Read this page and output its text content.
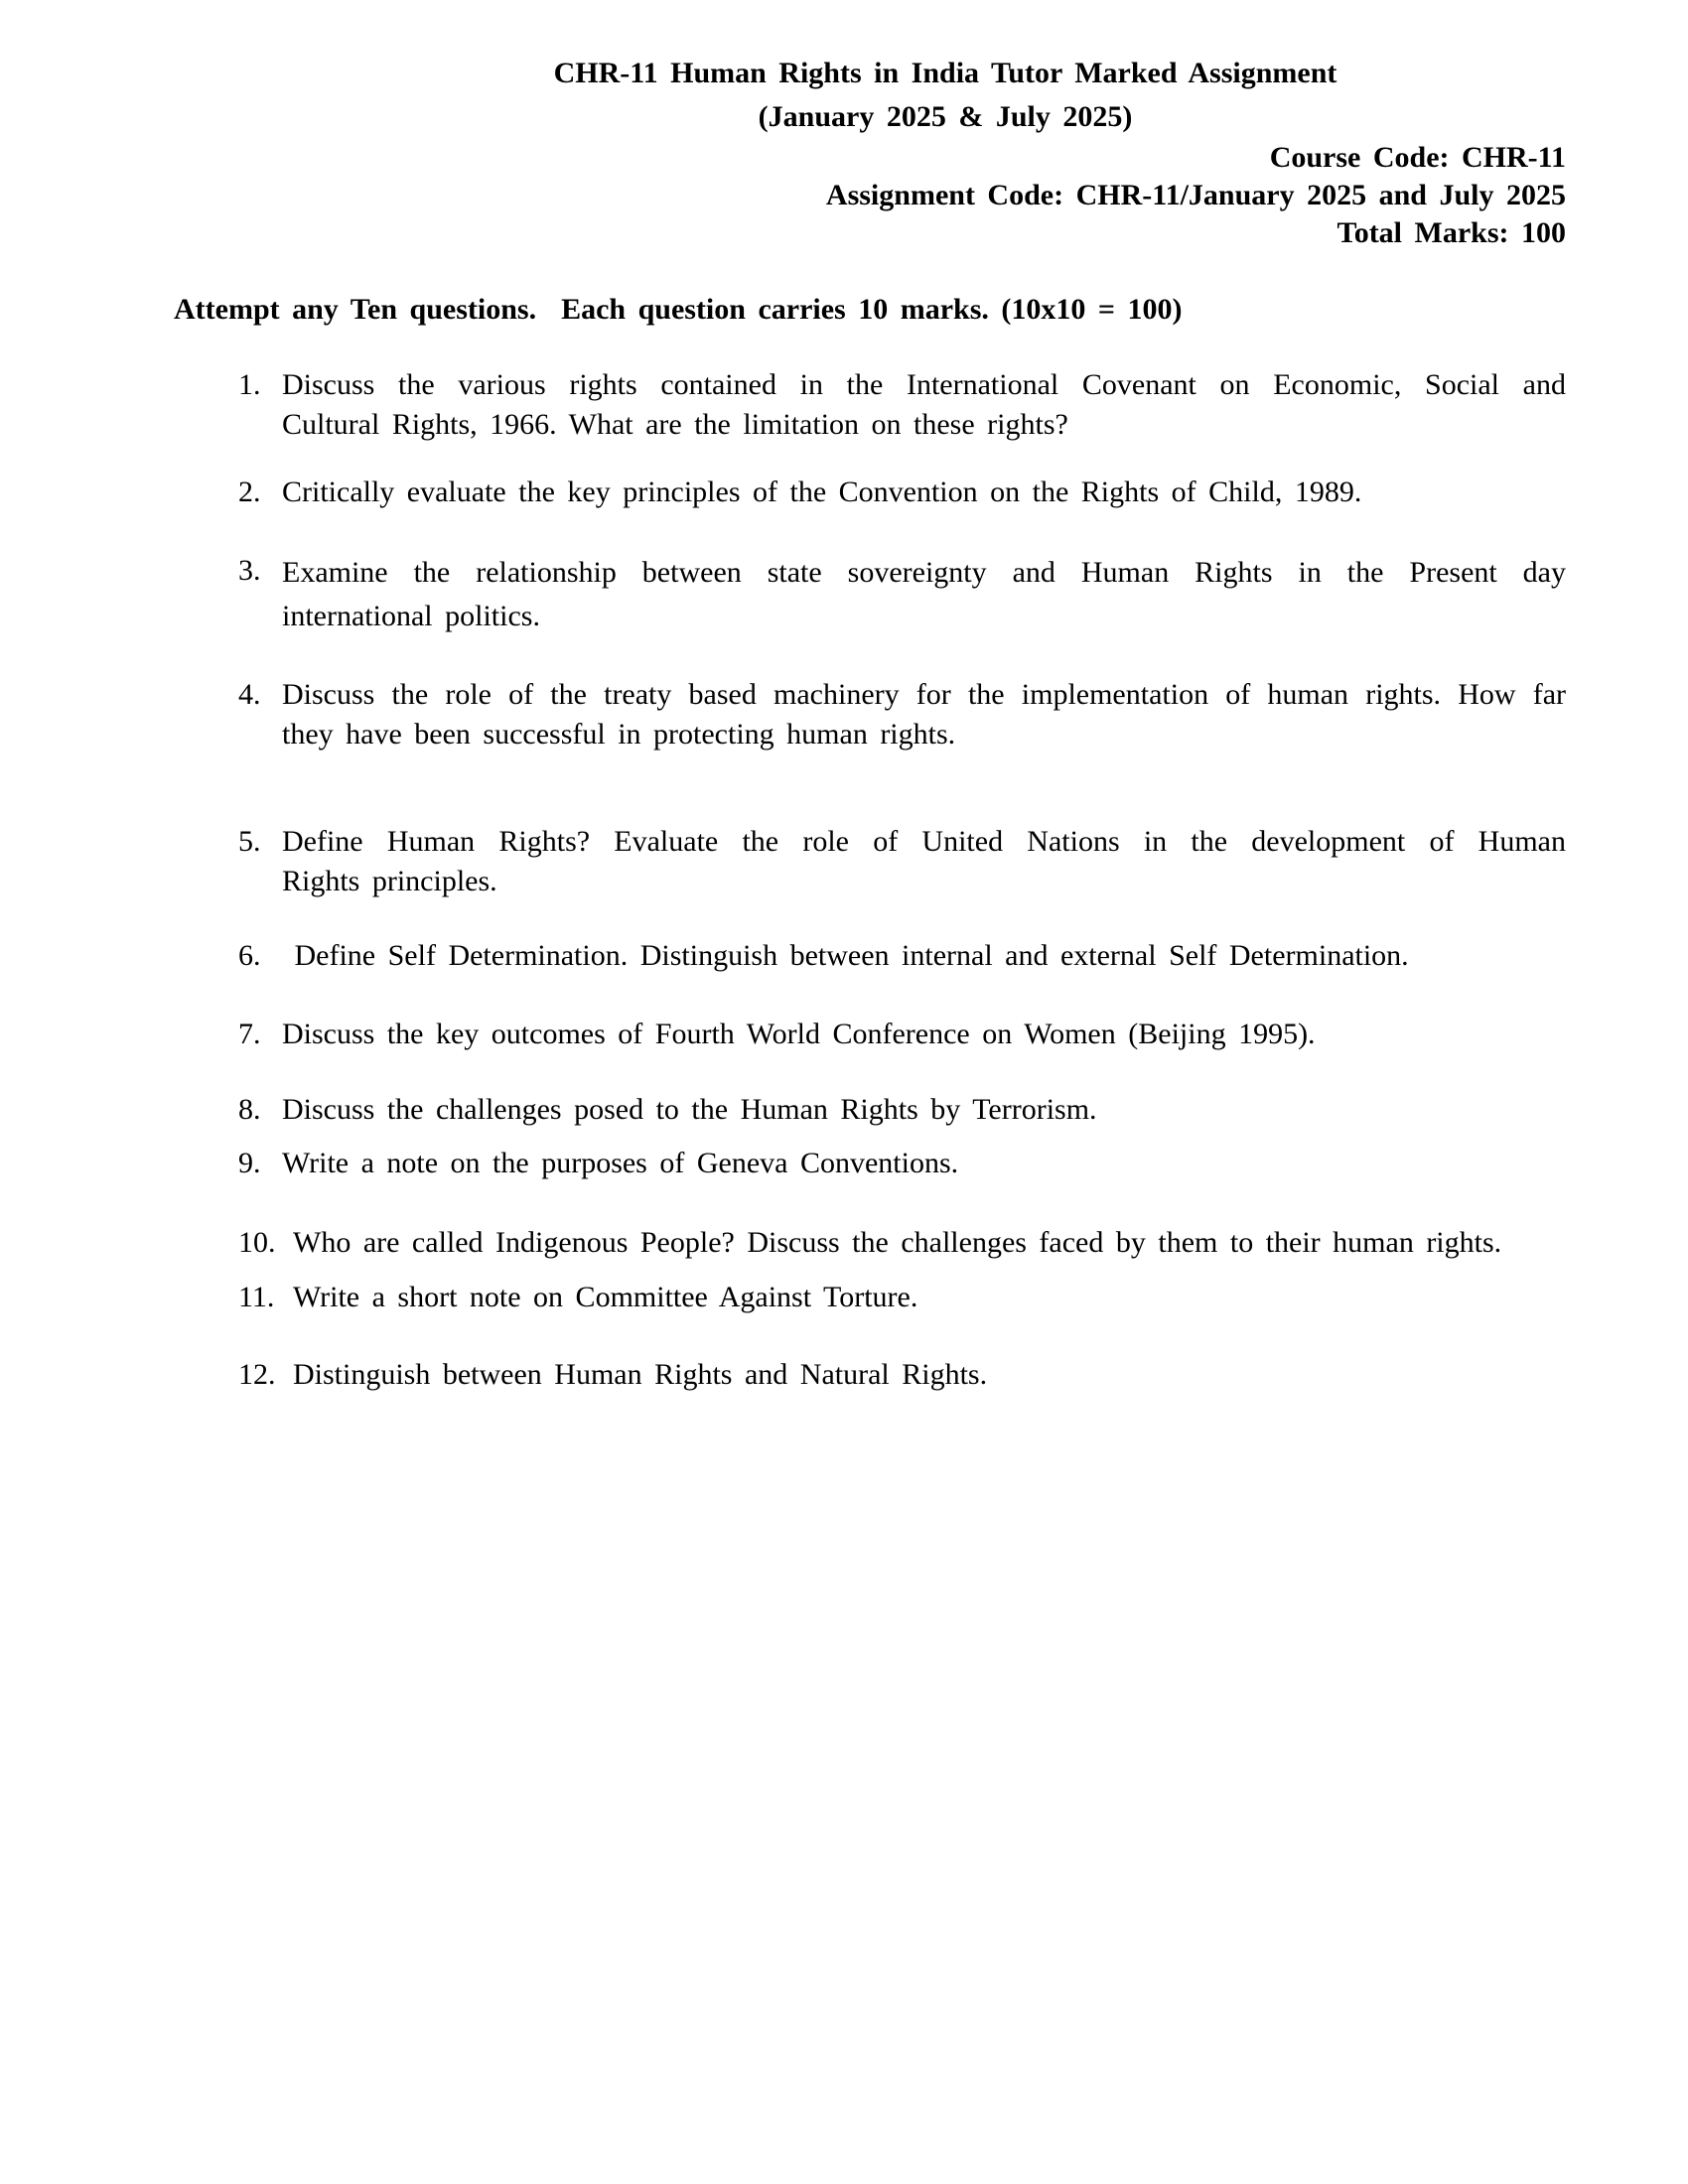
CHR-11 Human Rights in India Tutor Marked Assignment
(January 2025 & July 2025)
Course Code: CHR-11
Assignment Code: CHR-11/January 2025 and July 2025
Total Marks: 100
Attempt any Ten questions.  Each question carries 10 marks. (10x10 = 100)
1. Discuss the various rights contained in the International Covenant on Economic, Social and
Cultural Rights, 1966. What are the limitation on these rights?
2. Critically evaluate the key principles of the Convention on the Rights of Child, 1989.
3. Examine the relationship between state sovereignty and Human Rights in the Present day
international politics.
4. Discuss the role of the treaty based machinery for the implementation of human rights. How far
they have been successful in protecting human rights.
5. Define Human Rights? Evaluate the role of United Nations in the development of Human
Rights principles.
6. Define Self Determination. Distinguish between internal and external Self Determination.
7. Discuss the key outcomes of Fourth World Conference on Women (Beijing 1995).
8. Discuss the challenges posed to the Human Rights by Terrorism.
9. Write a note on the purposes of Geneva Conventions.
10. Who are called Indigenous People? Discuss the challenges faced by them to their human rights.
11. Write a short note on Committee Against Torture.
12. Distinguish between Human Rights and Natural Rights.
